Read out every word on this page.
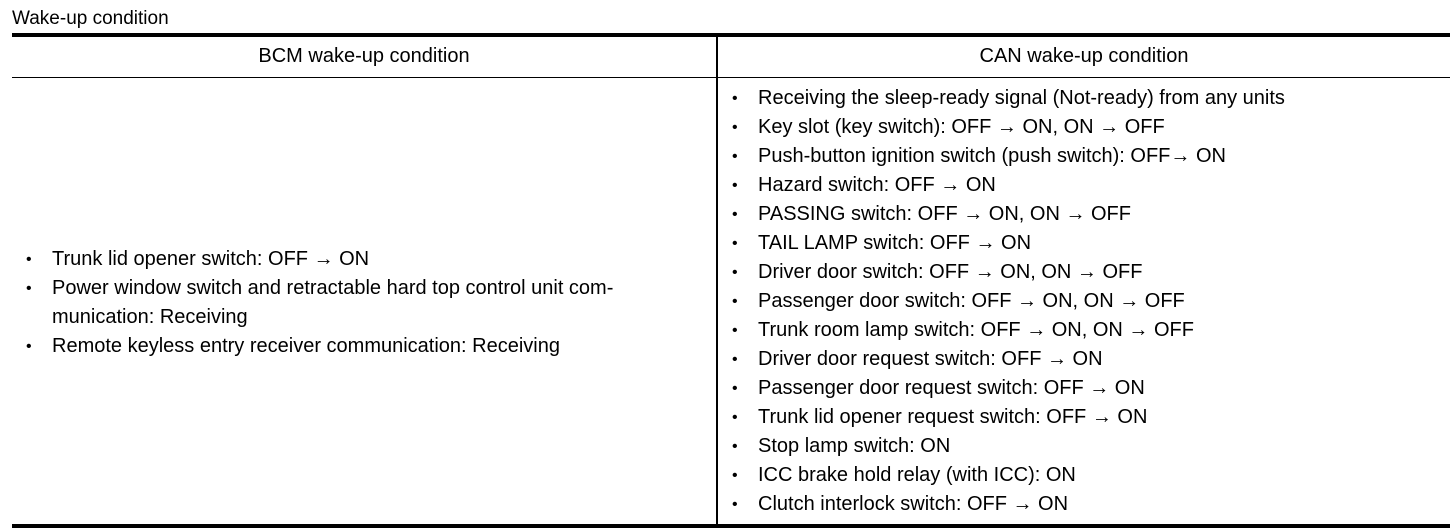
Wake-up condition
BCM wake-up condition	CAN wake-up condition
• Trunk lid opener switch: OFF → ON
• Power window switch and retractable hard top control unit com-munication: Receiving
• Remote keyless entry receiver communication: Receiving
• Receiving the sleep-ready signal (Not-ready) from any units
• Key slot (key switch): OFF → ON, ON → OFF
• Push-button ignition switch (push switch): OFF→ ON
• Hazard switch: OFF → ON
• PASSING switch: OFF → ON, ON → OFF
• TAIL LAMP switch: OFF → ON
• Driver door switch: OFF → ON, ON → OFF
• Passenger door switch: OFF → ON, ON → OFF
• Trunk room lamp switch: OFF → ON, ON → OFF
• Driver door request switch: OFF → ON
• Passenger door request switch: OFF → ON
• Trunk lid opener request switch: OFF → ON
• Stop lamp switch: ON
• ICC brake hold relay (with ICC): ON
• Clutch interlock switch: OFF → ON
